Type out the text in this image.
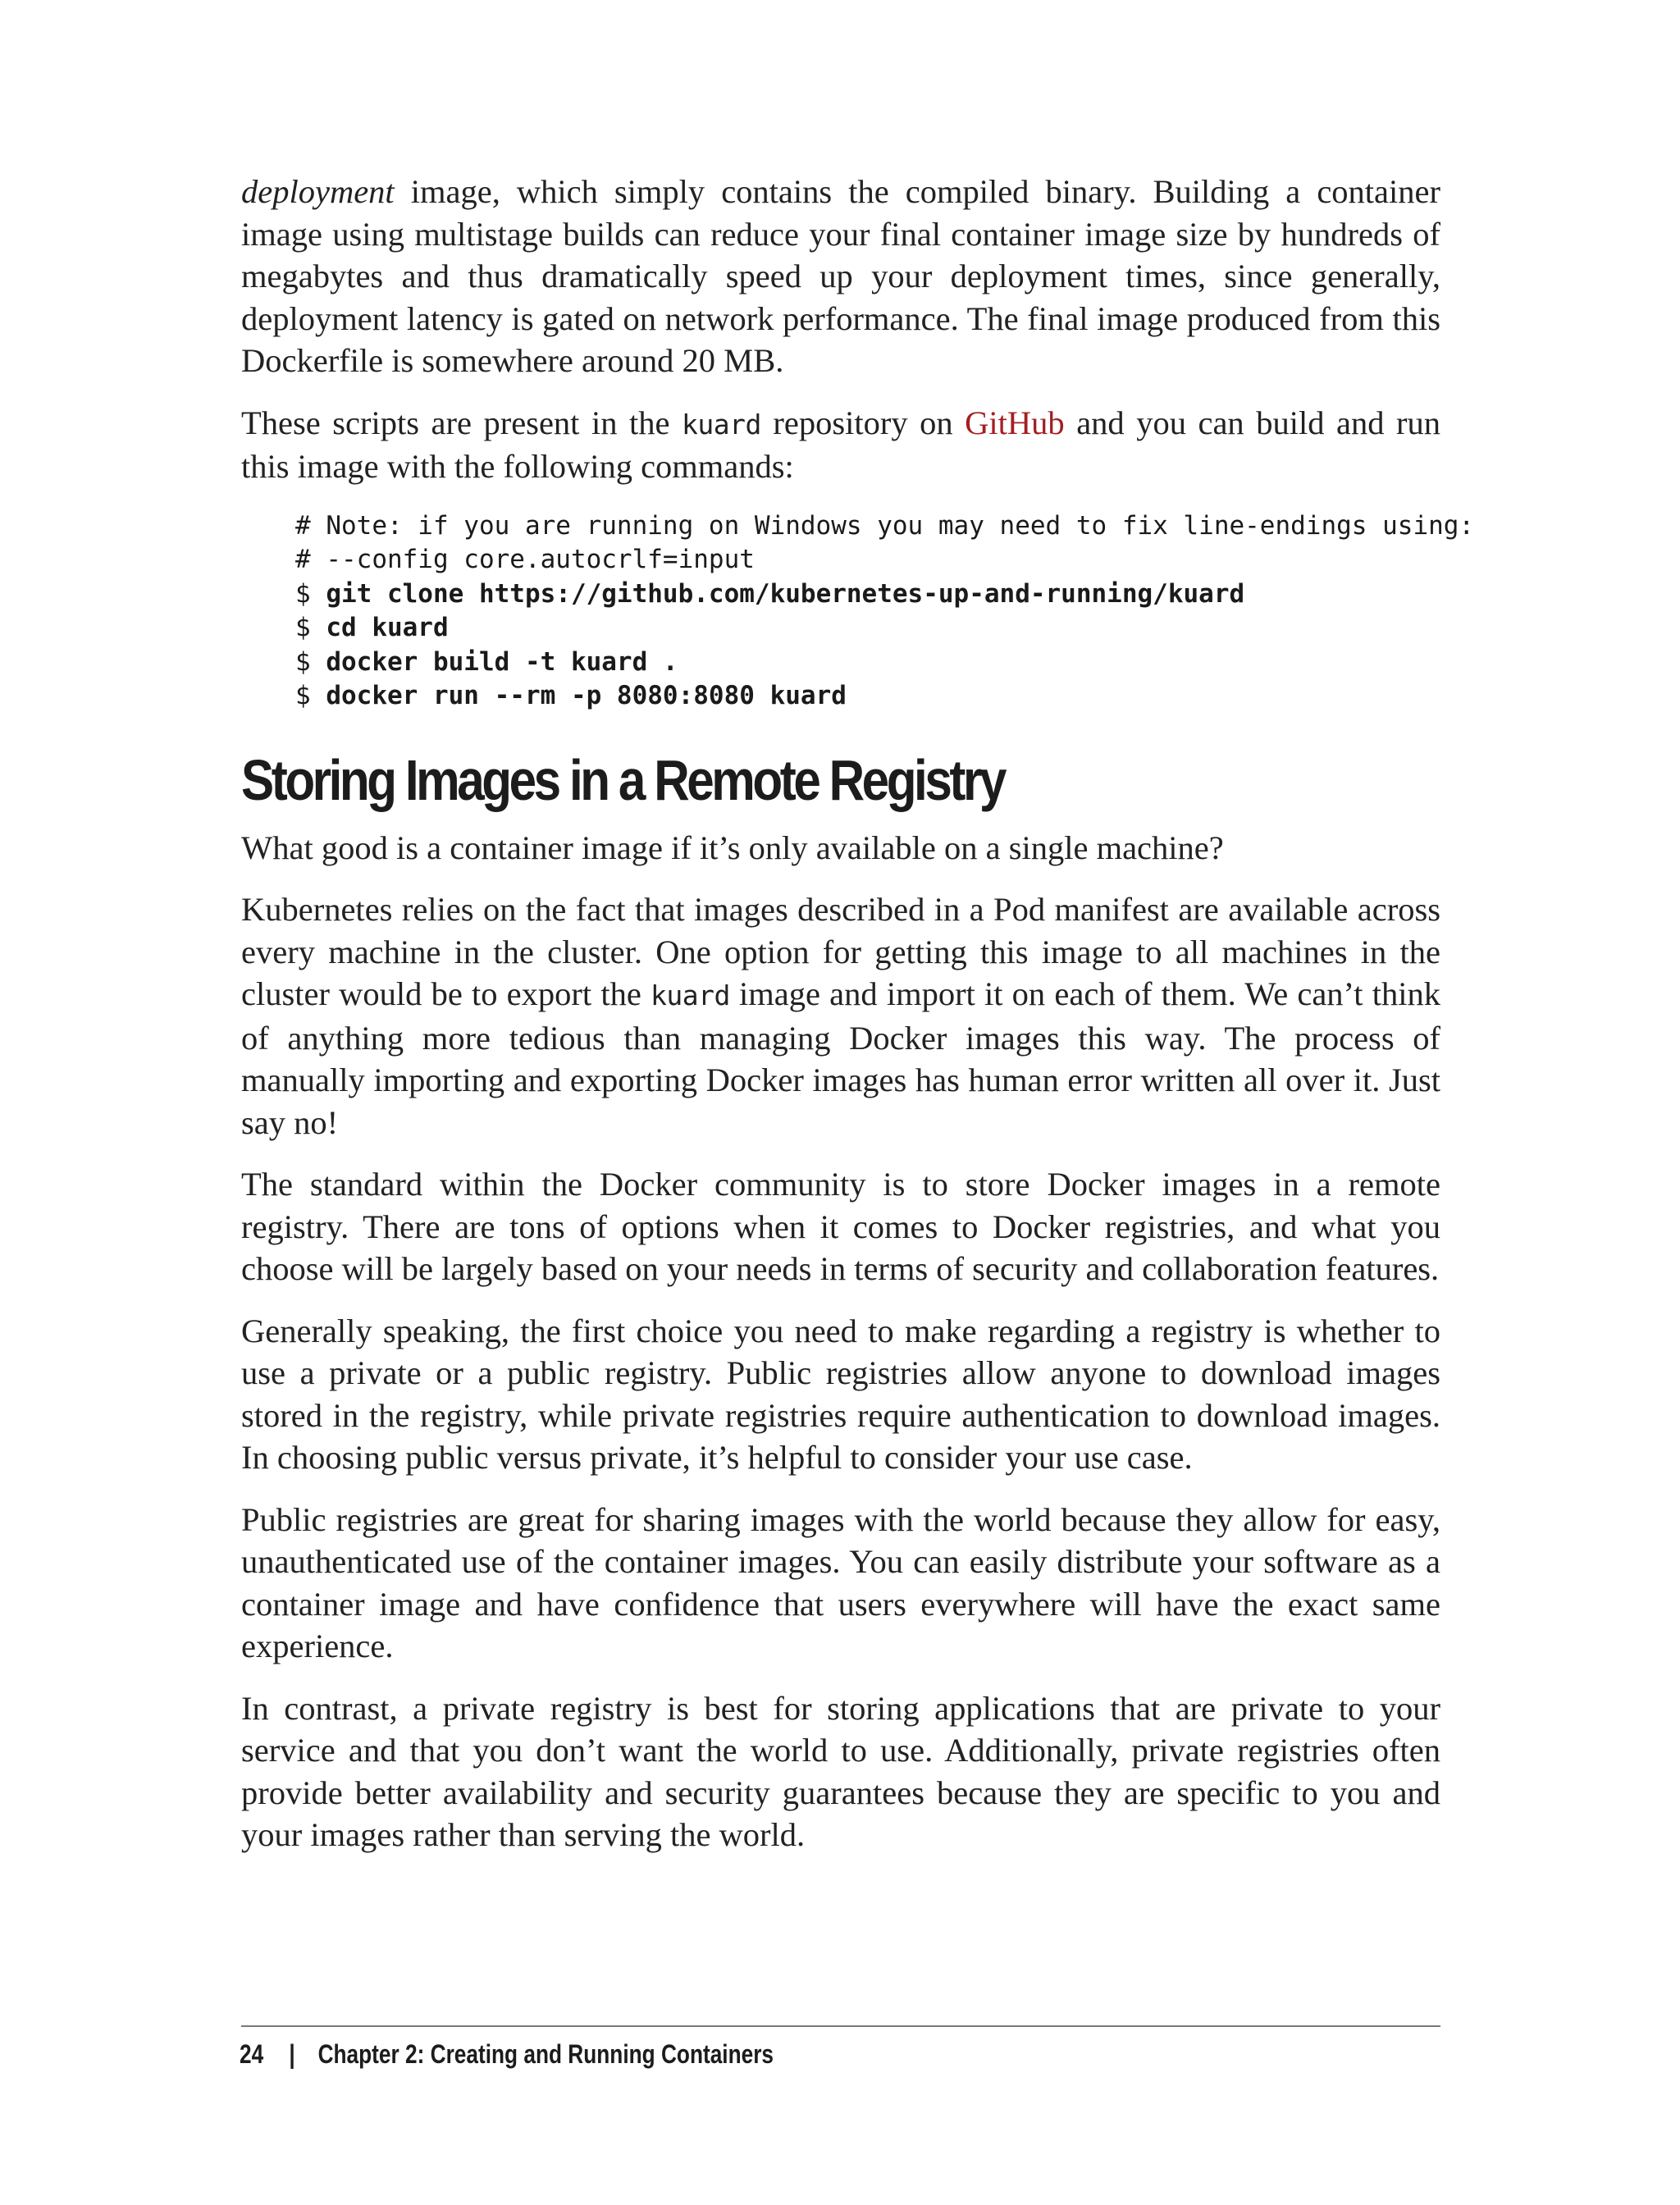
deployment image, which simply contains the compiled binary. Building a container image using multistage builds can reduce your final container image size by hundreds of megabytes and thus dramatically speed up your deployment times, since generally, deployment latency is gated on network performance. The final image produced from this Dockerfile is somewhere around 20 MB.

These scripts are present in the kuard repository on GitHub and you can build and run this image with the following commands:

# Note: if you are running on Windows you may need to fix line-endings using:
# --config core.autocrlf=input
$ git clone https://github.com/kubernetes-up-and-running/kuard
$ cd kuard
$ docker build -t kuard .
$ docker run --rm -p 8080:8080 kuard
Storing Images in a Remote Registry

What good is a container image if it’s only available on a single machine?

Kubernetes relies on the fact that images described in a Pod manifest are available across every machine in the cluster. One option for getting this image to all machines in the cluster would be to export the kuard image and import it on each of them. We can’t think of anything more tedious than managing Docker images this way. The process of manually importing and exporting Docker images has human error written all over it. Just say no!

The standard within the Docker community is to store Docker images in a remote registry. There are tons of options when it comes to Docker registries, and what you choose will be largely based on your needs in terms of security and collaboration features.

Generally speaking, the first choice you need to make regarding a registry is whether to use a private or a public registry. Public registries allow anyone to download images stored in the registry, while private registries require authentication to download images. In choosing public versus private, it’s helpful to consider your use case.

Public registries are great for sharing images with the world because they allow for easy, unauthenticated use of the container images. You can easily distribute your software as a container image and have confidence that users everywhere will have the exact same experience.

In contrast, a private registry is best for storing applications that are private to your service and that you don’t want the world to use. Additionally, private registries often provide better availability and security guarantees because they are specific to you and your images rather than serving the world.

24 | Chapter 2: Creating and Running Containers
